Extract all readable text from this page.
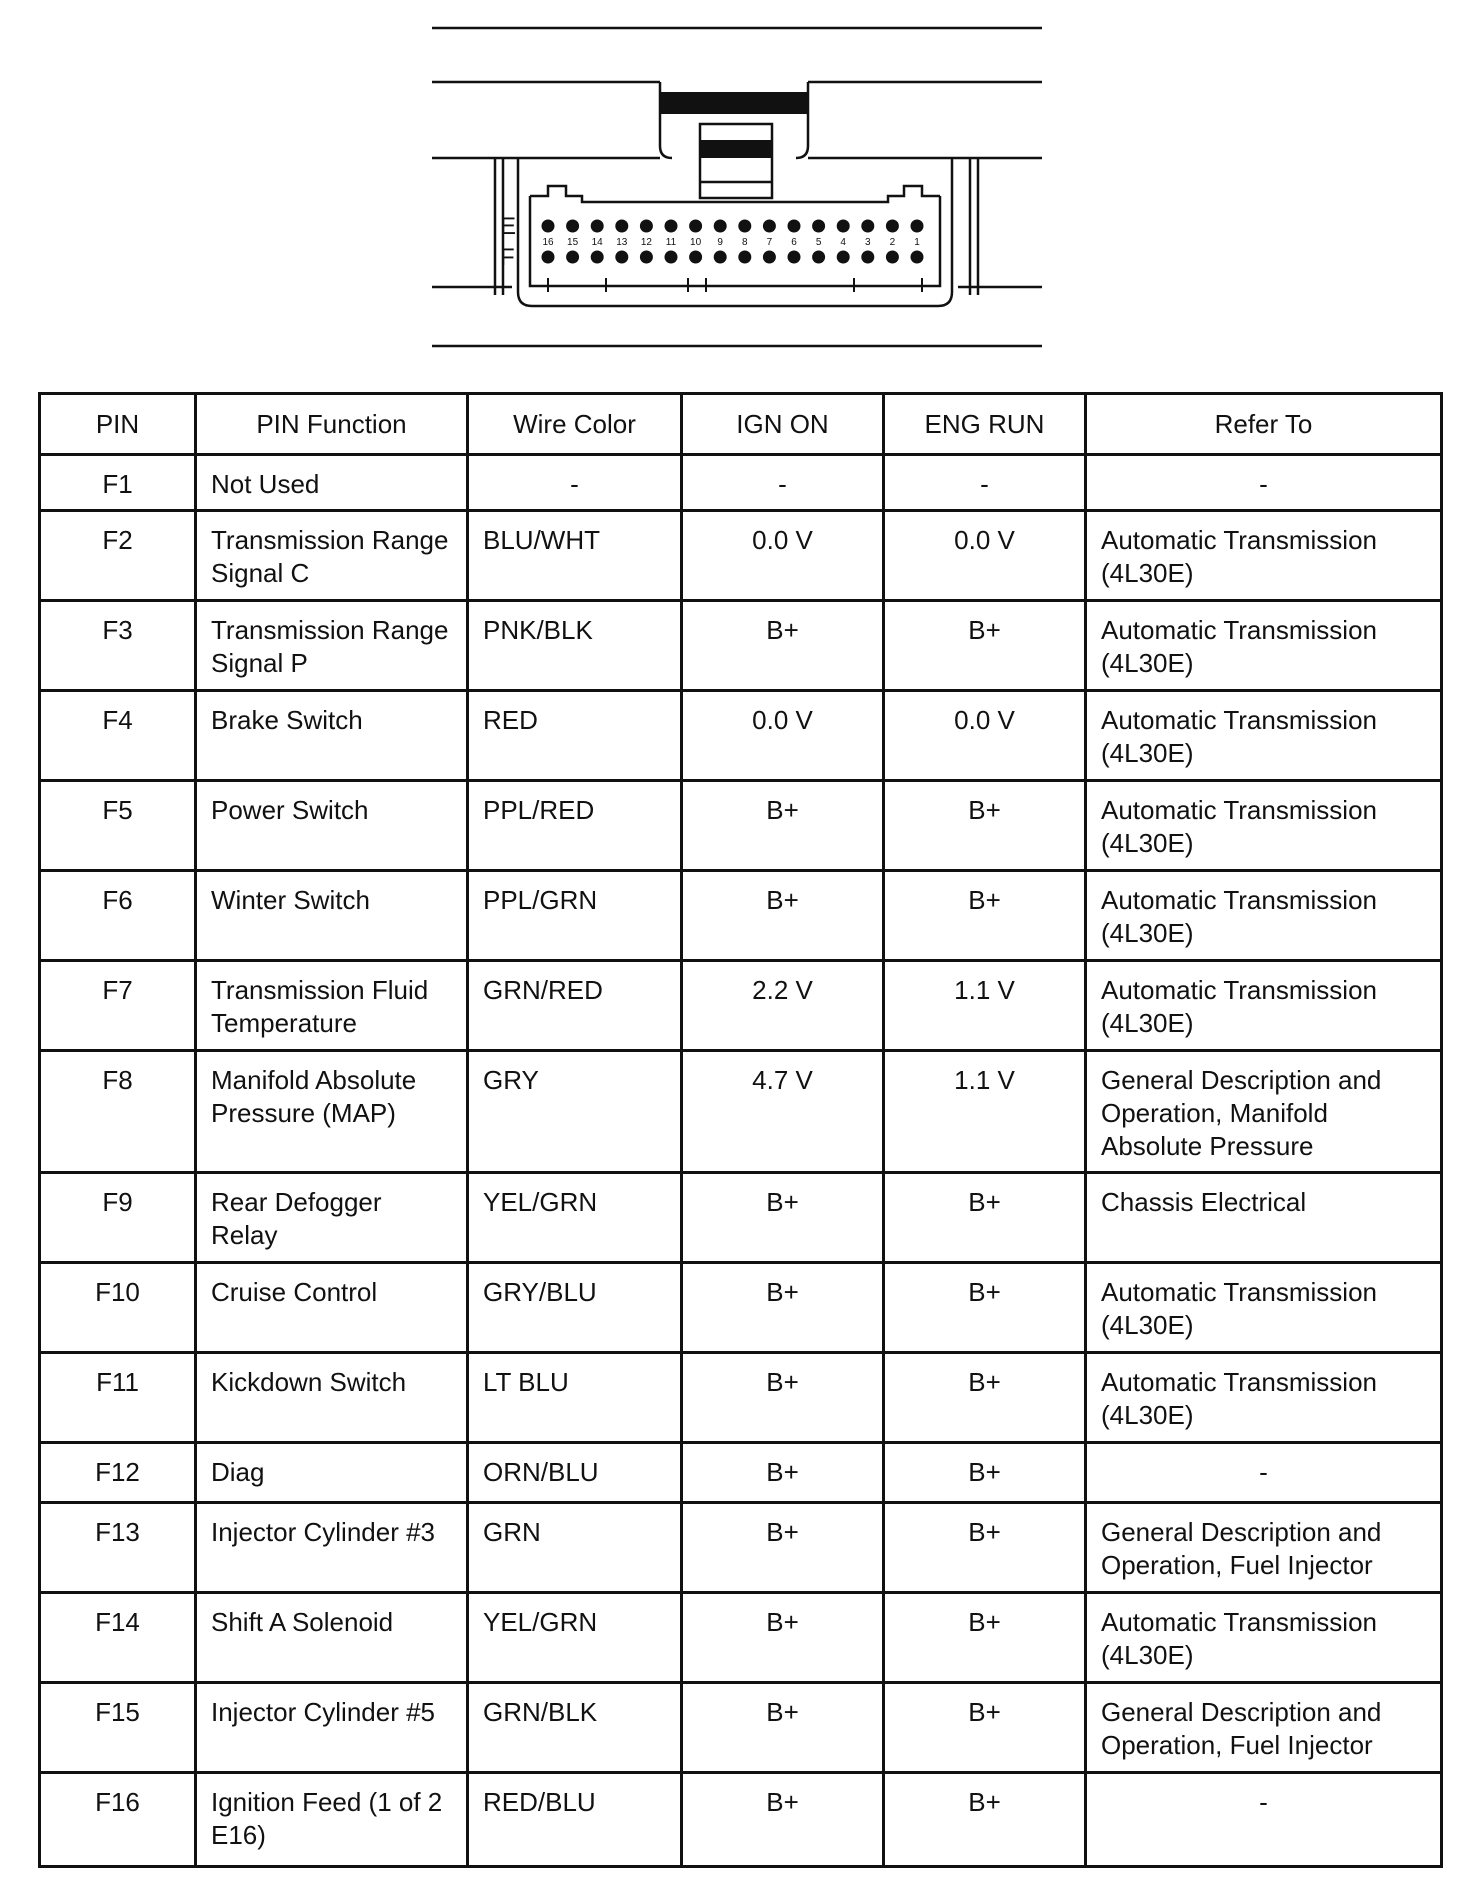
E
F
16 15 14 13 12 11 10 9 8 7 6 5 4 3 2 1
PIN	PIN Function	Wire Color	IGN ON	ENG RUN	Refer To
F1	Not Used	-	-	-	-
F2	Transmission Range Signal C	BLU/WHT	0.0 V	0.0 V	Automatic Transmission (4L30E)
F3	Transmission Range Signal P	PNK/BLK	B+	B+	Automatic Transmission (4L30E)
F4	Brake Switch	RED	0.0 V	0.0 V	Automatic Transmission (4L30E)
F5	Power Switch	PPL/RED	B+	B+	Automatic Transmission (4L30E)
F6	Winter Switch	PPL/GRN	B+	B+	Automatic Transmission (4L30E)
F7	Transmission Fluid Temperature	GRN/RED	2.2 V	1.1 V	Automatic Transmission (4L30E)
F8	Manifold Absolute Pressure (MAP)	GRY	4.7 V	1.1 V	General Description and Operation, Manifold Absolute Pressure
F9	Rear Defogger Relay	YEL/GRN	B+	B+	Chassis Electrical
F10	Cruise Control	GRY/BLU	B+	B+	Automatic Transmission (4L30E)
F11	Kickdown Switch	LT BLU	B+	B+	Automatic Transmission (4L30E)
F12	Diag	ORN/BLU	B+	B+	-
F13	Injector Cylinder #3	GRN	B+	B+	General Description and Operation, Fuel Injector
F14	Shift A Solenoid	YEL/GRN	B+	B+	Automatic Transmission (4L30E)
F15	Injector Cylinder #5	GRN/BLK	B+	B+	General Description and Operation, Fuel Injector
F16	Ignition Feed (1 of 2 E16)	RED/BLU	B+	B+	-
